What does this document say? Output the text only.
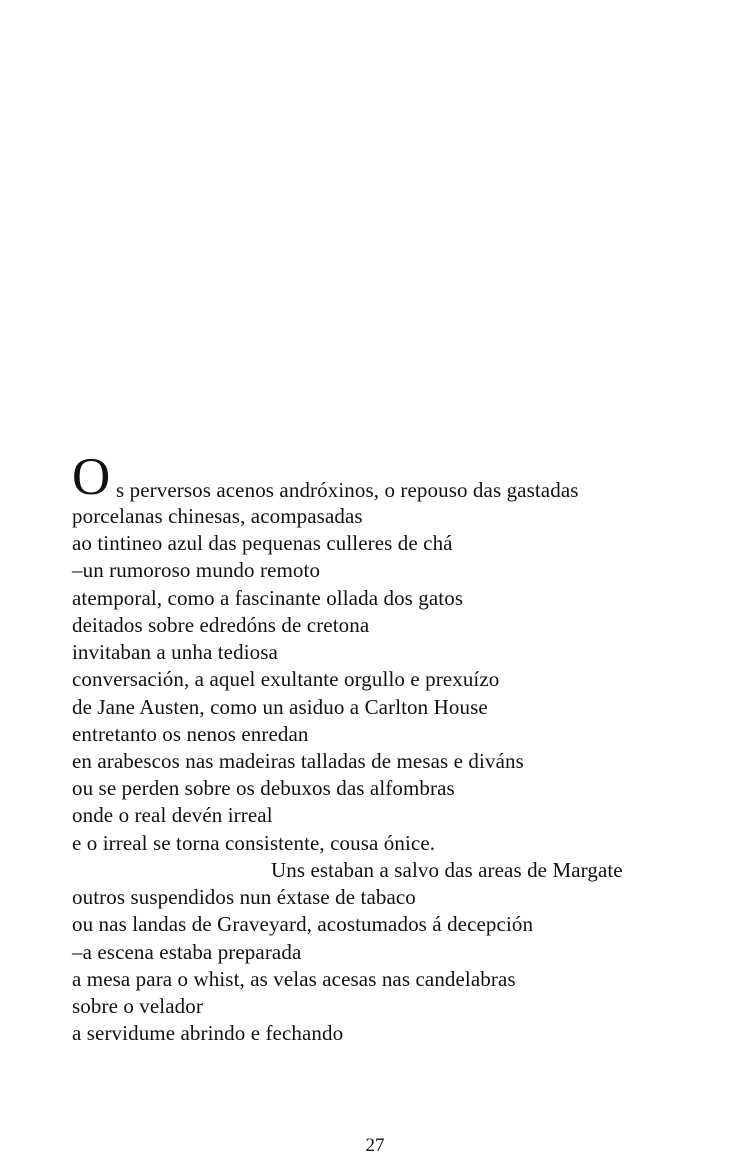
O s perversos acenos andróxinos, o repouso das gastadas
porcelanas chinesas, acompasadas
ao tintineo azul das pequenas culleres de chá
–un rumoroso mundo remoto
atemporal, como a fascinante ollada dos gatos
deitados sobre edredóns de cretona
invitaban a unha tediosa
conversación, a aquel exultante orgullo e prexuízo
de Jane Austen, como un asiduo a Carlton House
entretanto os nenos enredan
en arabescos nas madeiras talladas de mesas e diváns
ou se perden sobre os debuxos das alfombras
onde o real devén irreal
e o irreal se torna consistente, cousa ónice.
Uns estaban a salvo das areas de Margate
outros suspendidos nun éxtase de tabaco
ou nas landas de Graveyard, acostumados á decepción
–a escena estaba preparada
a mesa para o whist, as velas acesas nas candelabras
sobre o velador
a servidume abrindo e fechando
27
